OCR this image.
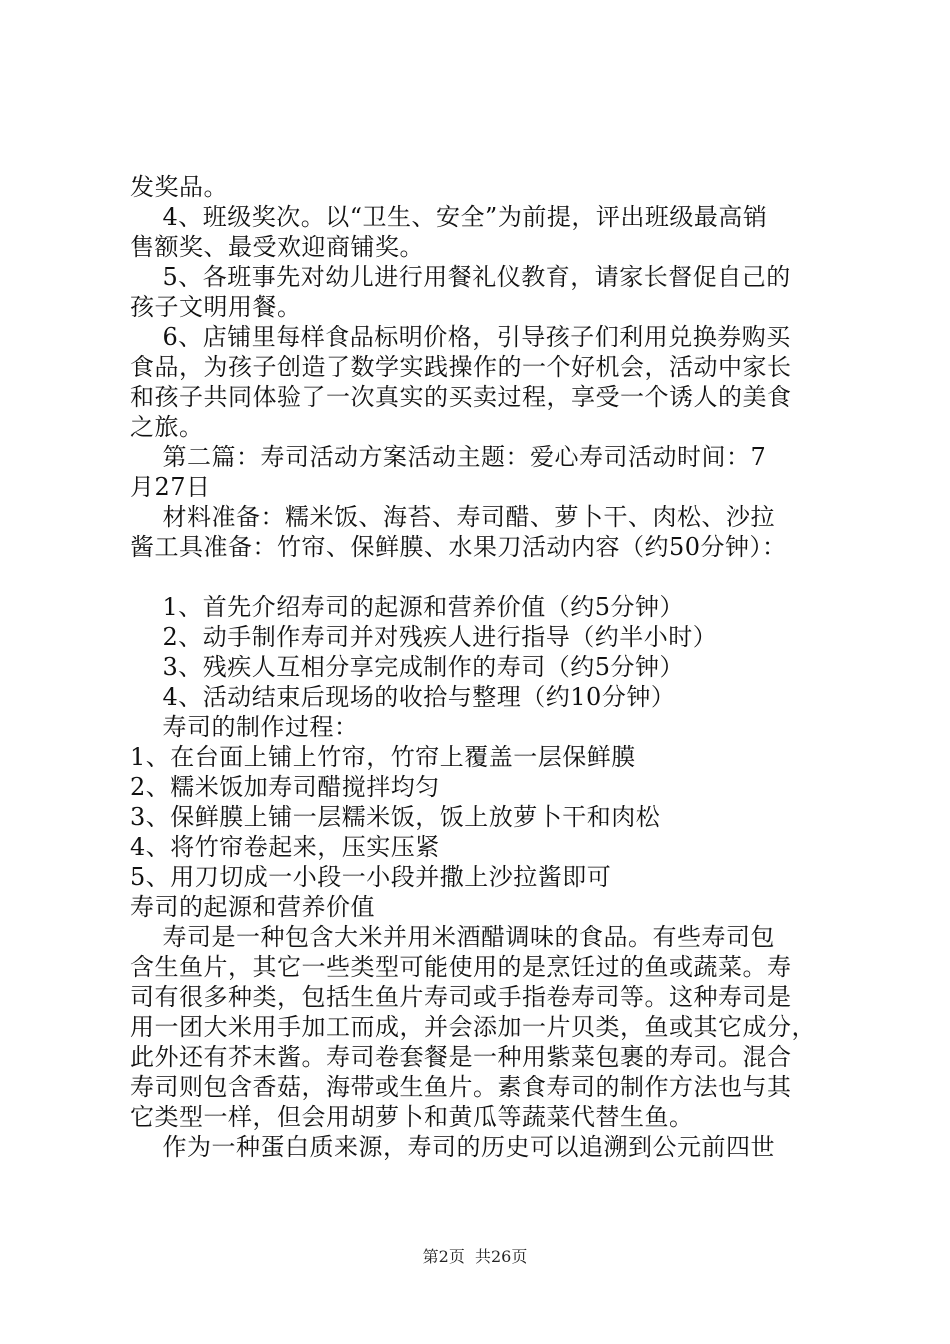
发奖品。
4、班级奖次。以“卫生、安全”为前提，评出班级最高销
售额奖、最受欢迎商铺奖。
5、各班事先对幼儿进行用餐礼仪教育，请家长督促自己的
孩子文明用餐。
6、店铺里每样食品标明价格，引导孩子们利用兑换券购买
食品，为孩子创造了数学实践操作的一个好机会，活动中家长
和孩子共同体验了一次真实的买卖过程，享受一个诱人的美食
之旅。
第二篇：寿司活动方案活动主题：爱心寿司活动时间：7
月27日
材料准备：糯米饭、海苔、寿司醋、萝卜干、肉松、沙拉
酱工具准备：竹帘、保鲜膜、水果刀活动内容（约50分钟）：
1、首先介绍寿司的起源和营养价值（约5分钟）
2、动手制作寿司并对残疾人进行指导（约半小时）
3、残疾人互相分享完成制作的寿司（约5分钟）
4、活动结束后现场的收拾与整理（约10分钟）
寿司的制作过程：
1、在台面上铺上竹帘，竹帘上覆盖一层保鲜膜
2、糯米饭加寿司醋搅拌均匀
3、保鲜膜上铺一层糯米饭，饭上放萝卜干和肉松
4、将竹帘卷起来，压实压紧
5、用刀切成一小段一小段并撒上沙拉酱即可
寿司的起源和营养价值
寿司是一种包含大米并用米酒醋调味的食品。有些寿司包
含生鱼片，其它一些类型可能使用的是烹饪过的鱼或蔬菜。寿
司有很多种类，包括生鱼片寿司或手指卷寿司等。这种寿司是
用一团大米用手加工而成，并会添加一片贝类，鱼或其它成分，
此外还有芥末酱。寿司卷套餐是一种用紫菜包裹的寿司。混合
寿司则包含香菇，海带或生鱼片。素食寿司的制作方法也与其
它类型一样，但会用胡萝卜和黄瓜等蔬菜代替生鱼。
作为一种蛋白质来源，寿司的历史可以追溯到公元前四世
第2页  共26页
